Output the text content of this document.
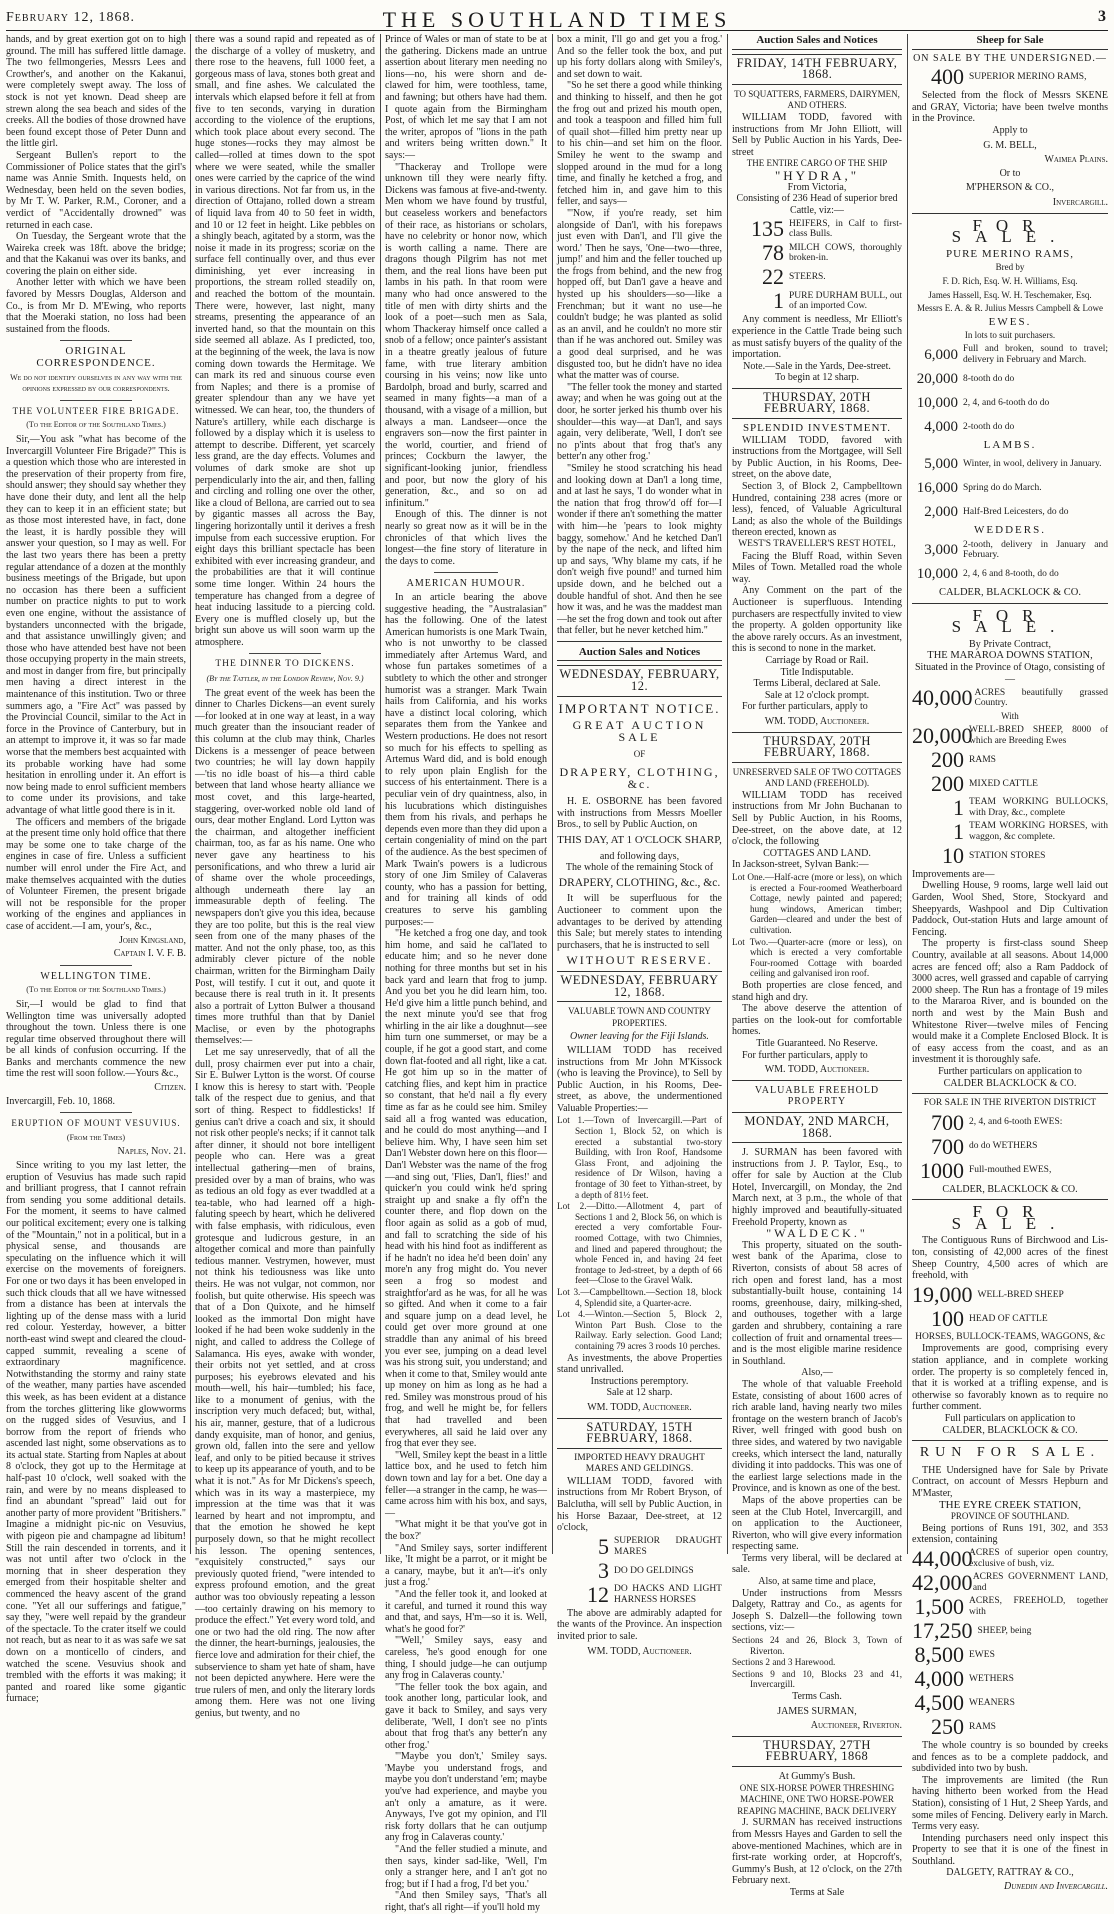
February 12, 1868.	THE SOUTHLAND TIMES	3

hands, and by great exertion got on to high ground. The mill has suffered little damage. The two fellmongeries, Messrs Lees and Crowther's, and another on the Kakanui, were completely swept away. The loss of stock is not yet known. Dead sheep are strewn along the sea beach and sides of the creeks. All the bodies of those drowned have been found except those of Peter Dunn and the little girl.

Sergeant Bullen's report to the Commissioner of Police states that the girl's name was Annie Smith. Inquests held, on Wednesday, been held on the seven bodies, by Mr T. W. Parker, R.M., Coroner, and a verdict of "Accidentally drowned" was returned in each case.

On Tuesday, the Sergeant wrote that the Waireka creek was 18ft. above the bridge; and that the Kakanui was over its banks, and covering the plain on either side.

Another letter with which we have been favored by Messrs Douglas, Alderson and Co., is from Mr D. M'Ewing, who reports that the Moeraki station, no loss had been sustained from the floods.

ORIGINAL CORRESPONDENCE.
We do not identify ourselves in any way with the opinions expressed by our correspondents.
THE VOLUNTEER FIRE BRIGADE.
(To the Editor of the Southland Times.)

Sir,—You ask "what has become of the Invercargill Volunteer Fire Brigade?" This is a question which those who are interested in the preservation of their property from fire, should answer; they should say whether they have done their duty, and lent all the help they can to keep it in an efficient state; but as those most interested have, in fact, done the least, it is hardly possible they will answer your question, so I may as well. For the last two years there has been a pretty regular attendance of a dozen at the monthly business meetings of the Brigade, but upon no occasion has there been a sufficient number on practice nights to put to work even one engine, without the assistance of bystanders unconnected with the brigade, and that assistance unwillingly given; and those who have attended best have not been those occupying property in the main streets, and most in danger from fire, but principally men having a direct interest in the maintenance of this institution. Two or three summers ago, a "Fire Act" was passed by the Provincial Council, similar to the Act in force in the Province of Canterbury, but in an attempt to improve it, it was so far made worse that the members best acquainted with its probable working have had some hesitation in enrolling under it. An effort is now being made to enrol sufficient members to come under its provisions, and take advantage of what little good there is in it.

The officers and members of the brigade at the present time only hold office that there may be some one to take charge of the engines in case of fire. Unless a sufficient number will enrol under the Fire Act, and make themselves acquainted with the duties of Volunteer Firemen, the present brigade will not be responsible for the proper working of the engines and appliances in case of accident.—I am, your's, &c.,

John Kingsland,
Captain I. V. F. B.
WELLINGTON TIME.
(To the Editor of the Southland Times.)

Sir,—I would be glad to find that Wellington time was universally adopted throughout the town. Unless there is one regular time observed throughout there will be all kinds of confusion occurring. If the Banks and merchants commence the new time the rest will soon follow.—Yours &c.,

Citizen.

Invercargill, Feb. 10, 1868.

ERUPTION OF MOUNT VESUVIUS.
(From the Times)
Naples, Nov. 21.

Since writing to you my last letter, the eruption of Vesuvius has made such rapid and brilliant progress, that I cannot refrain from sending you some additional details. For the moment, it seems to have calmed our political excitement; every one is talking of the "Mountain," not in a political, but in a physical sense, and thousands are speculating on the influence which it will exercise on the movements of foreigners. For one or two days it has been enveloped in such thick clouds that all we have witnessed from a distance has been at intervals the lighting up of the dense mass with a lurid red colour. Yesterday, however, a bitter north-east wind swept and cleared the cloud-capped summit, revealing a scene of extraordinary magnificence. Notwithstanding the stormy and rainy state of the weather, many parties have ascended this week, as has been evident at a distance from the torches glittering like glowworms on the rugged sides of Vesuvius, and I borrow from the report of friends who ascended last night, some observations as to its actual state. Starting from Naples at about 8 o'clock, they got up to the Hermitage at half-past 10 o'clock, well soaked with the rain, and were by no means displeased to find an abundant "spread" laid out for another party of more provident "Britishers." Imagine a midnight pic-nic on Vesuvius, with pigeon pie and champagne ad libitum! Still the rain descended in torrents, and it was not until after two o'clock in the morning that in sheer desperation they emerged from their hospitable shelter and commenced the heavy ascent of the grand cone. "Yet all our sufferings and fatigue," say they, "were well repaid by the grandeur of the spectacle. To the crater itself we could not reach, but as near to it as was safe we sat down on a monticello of cinders, and watched the scene. Vesuvius shook and trembled with the efforts it was making; it panted and roared like some gigantic furnace;

there was a sound rapid and repeated as of the discharge of a volley of musketry, and there rose to the heavens, full 1000 feet, a gorgeous mass of lava, stones both great and small, and fine ashes. We calculated the intervals which elapsed before it fell at from five to ten seconds, varying in duration according to the violence of the eruptions, which took place about every second. The huge stones—rocks they may almost be called—rolled at times down to the spot where we were seated, while the smaller ones were carried by the caprice of the wind in various directions. Not far from us, in the direction of Ottajano, rolled down a stream of liquid lava from 40 to 50 feet in width, and 10 or 12 feet in height. Like pebbles on a shingly beach, agitated by a storm, was the noise it made in its progress; scoriæ on the surface fell continually over, and thus ever diminishing, yet ever increasing in proportions, the stream rolled steadily on, and reached the bottom of the mountain. There were, however, last night, many streams, presenting the appearance of an inverted hand, so that the mountain on this side seemed all ablaze. As I predicted, too, at the beginning of the week, the lava is now coming down towards the Hermitage. We can mark its red and sinuous course even from Naples; and there is a promise of greater splendour than any we have yet witnessed. We can hear, too, the thunders of Nature's artillery, while each discharge is followed by a display which it is useless to attempt to describe. Different, yet scarcely less grand, are the day effects. Volumes and volumes of dark smoke are shot up perpendicularly into the air, and then, falling and circling and rolling one over the other, like a cloud of Bellona, are carried out to sea by gigantic masses all across the Bay, lingering horizontally until it derives a fresh impulse from each successive eruption. For eight days this brilliant spectacle has been exhibited with ever increasing grandeur, and the probabilities are that it will continue some time longer. Within 24 hours the temperature has changed from a degree of heat inducing lassitude to a piercing cold. Every one is muffled closely up, but the bright sun above us will soon warm up the atmosphere.

THE DINNER TO DICKENS.
(By the Tattler, in the London Review, Nov. 9.)

The great event of the week has been the dinner to Charles Dickens—an event surely—for looked at in one way at least, in a way much greater than the insouciant reader of this column at the club may think, Charles Dickens is a messenger of peace between two countries; he will lay down happily—'tis no idle boast of his—a third cable between that land whose hearty alliance we most covet, and this large-hearted, staggering, over-worked noble old land of ours, dear mother England. Lord Lytton was the chairman, and altogether inefficient chairman, too, as far as his name. One who never gave any heartiness to his personifications, and who threw a lurid air of shame over the whole proceedings, although underneath there lay an immeasurable depth of feeling. The newspapers don't give you this idea, because they are too polite, but this is the real view seen from one of the many phases of the matter. And not the only phase, too, as this admirably clever picture of the noble chairman, written for the Birmingham Daily Post, will testify. I cut it out, and quote it because there is real truth in it. It presents also a portrait of Lytton Bulwer a thousand times more truthful than that by Daniel Maclise, or even by the photographs themselves:—

Let me say unreservedly, that of all the dull, prosy chairmen ever put into a chair, Sir E. Bulwer Lytton is the worst. Of course I know this is heresy to start with. 'People talk of the respect due to genius, and that sort of thing. Respect to fiddlesticks! If genius can't drive a coach and six, it should not risk other people's necks; if it cannot talk after dinner, it should not bore intelligent people who can. Here was a great intellectual gathering—men of brains, presided over by a man of brains, who was as tedious an old fogy as ever twaddled at a tea-table, who had learned off a high-faluting speech by heart, which he delivered with false emphasis, with ridiculous, even grotesque and ludicrous gesture, in an altogether comical and more than painfully tedious manner. Vestrymen, however, must not think his tediousness was like unto theirs. He was not vulgar, not common, nor foolish, but quite otherwise. His speech was that of a Don Quixote, and he himself looked as the immortal Don might have looked if he had been woke suddenly in the night, and called to address the College of Salamanca. His eyes, awake with wonder, their orbits not yet settled, and at cross purposes; his eyebrows elevated and his mouth—well, his hair—tumbled; his face, like to a monument of genius, with the inscription very much defaced; but, withal, his air, manner, gesture, that of a ludicrous dandy exquisite, man of honor, and genius, grown old, fallen into the sere and yellow leaf, and only to be pitied because it strives to keep up its appearance of youth, and to be what it is not." As for Mr Dickens's speech, which was in its way a masterpiece, my impression at the time was that it was learned by heart and not impromptu, and that the emotion he showed he kept purposely down, so that he might recollect his lesson. The opening sentences, "exquisitely constructed," says our previously quoted friend, "were intended to express profound emotion, and the great author was too obviously repeating a lesson—too certainly drawing on his memory to produce the effect." Yet every word told, and one or two had the old ring. The now after the dinner, the heart-burnings, jealousies, the fierce love and admiration for their chief, the subservience to sham yet hate of sham, have not been depicted anywhere. Here were the true rulers of men, and only the literary lords among them. Here was not one living genius, but twenty, and no

Prince of Wales or man of state to be at the gathering. Dickens made an untrue assertion about literary men needing no lions—no, his were shorn and de-clawed for him, were toothless, tame, and fawning; but others have had them. I quote again from the Birmingham Post, of which let me say that I am not the writer, apropos of "lions in the path and writers being written down." It says:—

"Thackeray and Trollope were unknown till they were nearly fifty. Dickens was famous at five-and-twenty. Men whom we have found by trustful, but ceaseless workers and benefactors of their race, as historians or scholars, have no celebrity or honor now, which is worth calling a name. There are dragons though Pilgrim has not met them, and the real lions have been put lambs in his path. In that room were many who had once answered to the title of men with dirty shirts and the look of a poet—such men as Sala, whom Thackeray himself once called a snob of a fellow; once painter's assistant in a theatre greatly jealous of future fame, with true literary ambition coursing in his veins; now like unto Bardolph, broad and burly, scarred and seamed in many fights—a man of a thousand, with a visage of a million, but always a man. Landseer—once the engravers son—now the first painter in the world, courtier, and friend of princes; Cockburn the lawyer, the significant-looking junior, friendless and poor, but now the glory of his generation, &c., and so on ad infinitum."

Enough of this. The dinner is not nearly so great now as it will be in the chronicles of that which lives the longest—the fine story of literature in the days to come.

AMERICAN HUMOUR.

In an article bearing the above suggestive heading, the "Australasian" has the following. One of the latest American humorists is one Mark Twain, who is not unworthy to be classed immediately after Artemus Ward, and whose fun partakes sometimes of a subtlety to which the other and stronger humorist was a stranger. Mark Twain hails from California, and his works have a distinct local coloring, which separates them from the Yankee and Western productions. He does not resort so much for his effects to spelling as Artemus Ward did, and is bold enough to rely upon plain English for the success of his entertainment. There is a peculiar vein of dry quaintness, also, in his lucubrations which distinguishes them from his rivals, and perhaps he depends even more than they did upon a certain congeniality of mind on the part of the audience. As the best specimen of Mark Twain's powers is a ludicrous story of one Jim Smiley of Calaveras county, who has a passion for betting, and for training all kinds of odd creatures to serve his gambling purposes:—

"He ketched a frog one day, and took him home, and said he cal'lated to educate him; and so he never done nothing for three months but set in his back yard and learn that frog to jump. And you bet you he did learn him, too. He'd give him a little punch behind, and the next minute you'd see that frog whirling in the air like a doughnut—see him turn one summerset, or may be a couple, if he got a good start, and come down flat-footed and all right, like a cat. He got him up so in the matter of catching flies, and kept him in practice so constant, that he'd nail a fly every time as far as he could see him. Smiley said all a frog wanted was education, and he could do most anything—and I believe him. Why, I have seen him set Dan'l Webster down here on this floor—Dan'l Webster was the name of the frog—and sing out, 'Flies, Dan'l, flies!' and quicker'n you could wink he'd spring straight up and snake a fly off'n the counter there, and flop down on the floor again as solid as a gob of mud, and fall to scratching the side of his head with his hind foot as indifferent as if he hadn't no idea he'd been doin' any more'n any frog might do. You never seen a frog so modest and straightfor'ard as he was, for all he was so gifted. And when it come to a fair and square jump on a dead level, he could get over more ground at one straddle than any animal of his breed you ever see, jumping on a dead level was his strong suit, you understand; and when it come to that, Smiley would ante up money on him as long as he had a red. Smiley was monstrous proud of his frog, and well he might be, for fellers that had travelled and been everywheres, all said he laid over any frog that ever they see.

"Well, Smiley kept the beast in a little lattice box, and he used to fetch him down town and lay for a bet. One day a feller—a stranger in the camp, he was—came across him with his box, and says,—

"What might it be that you've got in the box?'

"And Smiley says, sorter indifferent like, 'It might be a parrot, or it might be a canary, maybe, but it an't—it's only just a frog.'

"And the feller took it, and looked at it careful, and turned it round this way and that, and says, H'm—so it is. Well, what's he good for?'

"'Well,' Smiley says, easy and careless, 'he's good enough for one thing, I should judge—he can outjump any frog in Calaveras county.'

"The feller took the box again, and took another long, particular look, and gave it back to Smiley, and says very deliberate, 'Well, I don't see no p'ints about that frog that's any better'n any other frog.'

"'Maybe you don't,' Smiley says. 'Maybe you understand frogs, and maybe you don't understand 'em; maybe you've had experience, and maybe you an't only a amature, as it were. Anyways, I've got my opinion, and I'll risk forty dollars that he can outjump any frog in Calaveras county.'

"And the feller studied a minute, and then says, kinder sad-like, 'Well, I'm only a stranger here, and I an't got no frog; but if I had a frog, I'd bet you.'

"And then Smiley says, 'That's all right, that's all right—if you'll hold my

box a minit, I'll go and get you a frog.' And so the feller took the box, and put up his forty dollars along with Smiley's, and set down to wait.

"So he set there a good while thinking and thinking to hisself, and then he got the frog out and prized his mouth open, and took a teaspoon and filled him full of quail shot—filled him pretty near up to his chin—and set him on the floor. Smiley he went to the swamp and slopped around in the mud for a long time, and finally he ketched a frog, and fetched him in, and gave him to this feller, and says—

"'Now, if you're ready, set him alongside of Dan'l, with his forepaws just even with Dan'l, and I'll give the word.' Then he says, 'One—two—three, jump!' and him and the feller touched up the frogs from behind, and the new frog hopped off, but Dan'l gave a heave and hysted up his shoulders—so—like a Frenchman; but it want no use—he couldn't budge; he was planted as solid as an anvil, and he couldn't no more stir than if he was anchored out. Smiley was a good deal surprised, and he was disgusted too, but he didn't have no idea what the matter was of course.

"The feller took the money and started away; and when he was going out at the door, he sorter jerked his thumb over his shoulder—this way—at Dan'l, and says again, very deliberate, 'Well, I don't see no p'ints about that frog that's any better'n any other frog.'

"Smiley he stood scratching his head and looking down at Dan'l a long time, and at last he says, 'I do wonder what in the nation that frog throw'd off for—I wonder if there an't something the matter with him—he 'pears to look mighty baggy, somehow.' And he ketched Dan'l by the nape of the neck, and lifted him up and says, 'Why blame my cats, if he don't weigh five pound!' and turned him upside down, and he belched out a double handful of shot. And then he see how it was, and he was the maddest man—he set the frog down and took out after that feller, but he never ketched him."

Auction Sales and Notices
WEDNESDAY, FEBRUARY, 12.
IMPORTANT NOTICE.
GREAT AUCTION SALE
OF
DRAPERY, CLOTHING, &c.

H. E. OSBORNE has been favored with instructions from Messrs Moeller Bros., to sell by Public Auction, on

THIS DAY, AT 1 O'CLOCK SHARP,
and following days,
The whole of the remaining Stock of
DRAPERY, CLOTHING, &c., &c.

It will be superfluous for the Auctioneer to comment upon the advantages to be derived by attending this Sale; but merely states to intending purchasers, that he is instructed to sell

WITHOUT RESERVE.
WEDNESDAY, FEBRUARY 12, 1868.
VALUABLE TOWN AND COUNTRY PROPERTIES.
Owner leaving for the Fiji Islands.

WILLIAM TODD has received instructions from Mr John M'Kissock (who is leaving the Province), to Sell by Public Auction, in his Rooms, Dee-street, as above, the undermentioned Valuable Properties:—

Lot 1.—Town of Invercargill.—Part of Section 1, Block 52, on which is erected a substantial two-story Building, with Iron Roof, Handsome Glass Front, and adjoining the residence of Dr Wilson, having a frontage of 30 feet to Yithan-street, by a depth of 81½ feet.
Lot 2.—Ditto.—Allotment 4, part of Sections 1 and 2, Block 56, on which is erected a very comfortable Four-roomed Cottage, with two Chimnies, and lined and papered throughout; the whole Fenced in, and having 24 feet frontage to Jed-street, by a depth of 66 feet—Close to the Gravel Walk.
Lot 3.—Campbelltown.—Section 18, block 4, Splendid site, a Quarter-acre.
Lot 4.—Winton.—Section 5, Block 2, Winton Part Bush. Close to the Railway. Early selection. Good Land; containing 79 acres 3 roods 10 perches.

As investments, the above Properties stand unrivalled.

Instructions peremptory.
Sale at 12 sharp.
WM. TODD, Auctioneer.
SATURDAY, 15TH FEBRUARY, 1868.
IMPORTED HEAVY DRAUGHT MARES AND GELDINGS.

WILLIAM TODD, favored with instructions from Mr Robert Bryson, of Balclutha, will sell by Public Auction, in his Horse Bazaar, Dee-street, at 12 o'clock,

5 SUPERIOR DRAUGHT MARES
3 DO DO GELDINGS
12 DO HACKS AND LIGHT HARNESS HORSES

The above are admirably adapted for the wants of the Province. An inspection invited prior to sale.

WM. TODD, Auctioneer.
Auction Sales and Notices
FRIDAY, 14TH FEBRUARY, 1868.
TO SQUATTERS, FARMERS, DAIRYMEN, AND OTHERS.

WILLIAM TODD, favored with instructions from Mr John Elliott, will Sell by Public Auction in his Yards, Dee-street

THE ENTIRE CARGO OF THE SHIP
"HYDRA,"
From Victoria,
Consisting of 236 Head of superior bred Cattle, viz:—
135 HEIFERS, in Calf to first-class Bulls.
78 MILCH COWS, thoroughly broken-in.
22 STEERS.
1 PURE DURHAM BULL, out of an imported Cow.

Any comment is needless, Mr Elliott's experience in the Cattle Trade being such as must satisfy buyers of the quality of the importation.

Note.—Sale in the Yards, Dee-street.
To begin at 12 sharp.
THURSDAY, 20TH FEBRUARY, 1868.
SPLENDID INVESTMENT.

WILLIAM TODD, favored with instructions from the Mortgagee, will Sell by Public Auction, in his Rooms, Dee-street, on the above date,

Section 3, of Block 2, Campbelltown Hundred, containing 238 acres (more or less), fenced, of Valuable Agricultural Land; as also the whole of the Buildings thereon erected, known as

WEST'S TRAVELLER'S REST HOTEL,

Facing the Bluff Road, within Seven Miles of Town. Metalled road the whole way.

Any Comment on the part of the Auctioneer is superfluous. Intending purchasers are respectfully invited to view the property. A golden opportunity like the above rarely occurs. As an investment, this is second to none in the market.

Carriage by Road or Rail.
Title Indisputable.
Terms Liberal, declared at Sale.
Sale at 12 o'clock prompt.

For further particulars, apply to

WM. TODD, Auctioneer.
THURSDAY, 20TH FEBRUARY, 1868.
UNRESERVED SALE OF TWO COTTAGES AND LAND (FREEHOLD).

WILLIAM TODD has received instructions from Mr John Buchanan to Sell by Public Auction, in his Rooms, Dee-street, on the above date, at 12 o'clock, the following

COTTAGES AND LAND.

In Jackson-street, Sylvan Bank:—

Lot One.—Half-acre (more or less), on which is erected a Four-roomed Weatherboard Cottage, newly painted and papered; hung windows, American timber; Garden—cleared and under the best of cultivation.
Lot Two.—Quarter-acre (more or less), on which is erected a very comfortable Four-roomed Cottage with boarded ceiling and galvanised iron roof.

Both properties are close fenced, and stand high and dry.

The above deserve the attention of parties on the look-out for comfortable homes.

Title Guaranteed. No Reserve.

For further particulars, apply to

WM. TODD, Auctioneer.
VALUABLE FREEHOLD PROPERTY
MONDAY, 2ND MARCH, 1868.

J. SURMAN has been favored with instructions from J. P. Taylor, Esq., to offer for sale by Auction at the Club Hotel, Invercargill, on Monday, the 2nd March next, at 3 p.m., the whole of that highly improved and beautifully-situated Freehold Property, known as

"WALDECK."

This property, situated on the south-west bank of the Aparima, close to Riverton, consists of about 58 acres of rich open and forest land, has a most substantially-built house, containing 14 rooms, greenhouse, dairy, milking-shed, and outhouses, together with a large garden and shrubbery, containing a rare collection of fruit and ornamental trees—and is the most eligible marine residence in Southland.

Also,—

The whole of that valuable Freehold Estate, consisting of about 1600 acres of rich arable land, having nearly two miles frontage on the western branch of Jacob's River, well fringed with good bush on three sides, and watered by two navigable creeks, which intersect the land, naturally dividing it into paddocks. This was one of the earliest large selections made in the Province, and is known as one of the best.

Maps of the above properties can be seen at the Club Hotel, Invercargill, and on application to the Auctioneer, Riverton, who will give every information respecting same.

Terms very liberal, will be declared at sale.

Also, at same time and place,

Under instructions from Messrs Dalgety, Rattray and Co., as agents for Joseph S. Dalzell—the following town sections, viz:—

Sections 24 and 26, Block 3, Town of Riverton.
Sections 2 and 3 Harewood.
Sections 9 and 10, Blocks 23 and 41, Invercargill.
Terms Cash.
JAMES SURMAN,
Auctioneer, Riverton.
THURSDAY, 27TH FEBRUARY, 1868
At Gummy's Bush.
ONE SIX-HORSE POWER THRESHING MACHINE, ONE TWO HORSE-POWER REAPING MACHINE, BACK DELIVERY

J. SURMAN has received instructions from Messrs Hayes and Garden to sell the above-mentioned Machines, which are in first-rate working order, at Hopcroft's, Gummy's Bush, at 12 o'clock, on the 27th February next.

Terms at Sale
Sheep for Sale
ON SALE BY THE UNDERSIGNED.—
400 SUPERIOR MERINO RAMS,

Selected from the flock of Messrs SKENE and GRAY, Victoria; have been twelve months in the Province.

Apply to
G. M. BELL,
Waimea Plains.
Or to
M'PHERSON & CO.,
Invercargill.
FOR SALE.
PURE MERINO RAMS,
Bred by
F. D. Rich, Esq. W. H. Williams, Esq.
James Hassell, Esq. W. H. Teschemaker, Esq.
Messrs E. A. & R. Julius Messrs Campbell & Lowe
EWES.
In lots to suit purchasers.
6,000 Full and broken, sound to travel; delivery in February and March.
20,000 8-tooth do do
10,000 2, 4, and 6-tooth do do
4,000 2-tooth do do
LAMBS.
5,000 Winter, in wool, delivery in January.
16,000 Spring do do March.
2,000 Half-Bred Leicesters, do do
WEDDERS.
3,000 2-tooth, delivery in January and February.
10,000 2, 4, 6 and 8-tooth, do do
CALDER, BLACKLOCK & CO.
FOR SALE.
By Private Contract,
THE MARAROA DOWNS STATION,
Situated in the Province of Otago, consisting of—
40,000 ACRES beautifully grassed Country.
With
20,000
WELL-BRED SHEEP, 8000 of which are Breeding Ewes
200 RAMS
200 MIXED CATTLE
1 TEAM WORKING BULLOCKS, with Dray, &c., complete
1 TEAM WORKING HORSES, with waggon, &c complete.
10 STATION STORES

Improvements are—

Dwelling House, 9 rooms, large well laid out Garden, Wool Shed, Store, Stockyard and Sheepyards, Washpool and Dip Cultivation Paddock, Out-station Huts and large amount of Fencing.

The property is first-class sound Sheep Country, available at all seasons. About 14,000 acres are fenced off; also a Ram Paddock of 3000 acres, well grassed and capable of carrying 2000 sheep. The Run has a frontage of 19 miles to the Mararoa River, and is bounded on the north and west by the Main Bush and Whitestone River—twelve miles of Fencing would make it a Complete Enclosed Block. It is of easy access from the coast, and as an investment it is thoroughly safe.

Further particulars on application to
CALDER BLACKLOCK & CO.
FOR SALE IN THE RIVERTON DISTRICT
700 2, 4, and 6-tooth EWES:
700 do do WETHERS
1000 Full-mouthed EWES,
CALDER, BLACKLOCK & CO.
FOR SALE.

The Contiguous Runs of Birchwood and Lis- ton, consisting of 42,000 acres of the finest Sheep Country, 4,500 acres of which are freehold, with

19,000 WELL-BRED SHEEP
100 HEAD OF CATTLE
HORSES, BULLOCK-TEAMS, WAGGONS, &c

Improvements are good, comprising every station appliance, and in complete working order. The property is so completely fenced in, that it is worked at a trifling expense, and is otherwise so favorably known as to require no further comment.

Full particulars on application to
CALDER, BLACKLOCK & CO.
RUN FOR SALE.

THE Undersigned have for Sale by Private Contract, on account of Messrs Hepburn and M'Master,

THE EYRE CREEK STATION,
PROVINCE OF SOUTHLAND.

Being portions of Runs 191, 302, and 353 extension, containing

44,000
ACRES of superior open country, exclusive of bush, viz.
42,000 ACRES GOVERNMENT LAND, and
1,500 ACRES, FREEHOLD, together with
17,250 SHEEP, being
8,500 EWES
4,000 WETHERS
4,500 WEANERS
250 RAMS

The whole country is so bounded by creeks and fences as to be a complete paddock, and subdivided into two by bush.

The improvements are limited (the Run having hitherto been worked from the Head Station), consisting of 1 Hut, 2 Sheep Yards, and some miles of Fencing. Delivery early in March. Terms very easy.

Intending purchasers need only inspect this Property to see that it is one of the finest in Southland.

DALGETY, RATTRAY & CO.,
Dunedin and Invercargill.
